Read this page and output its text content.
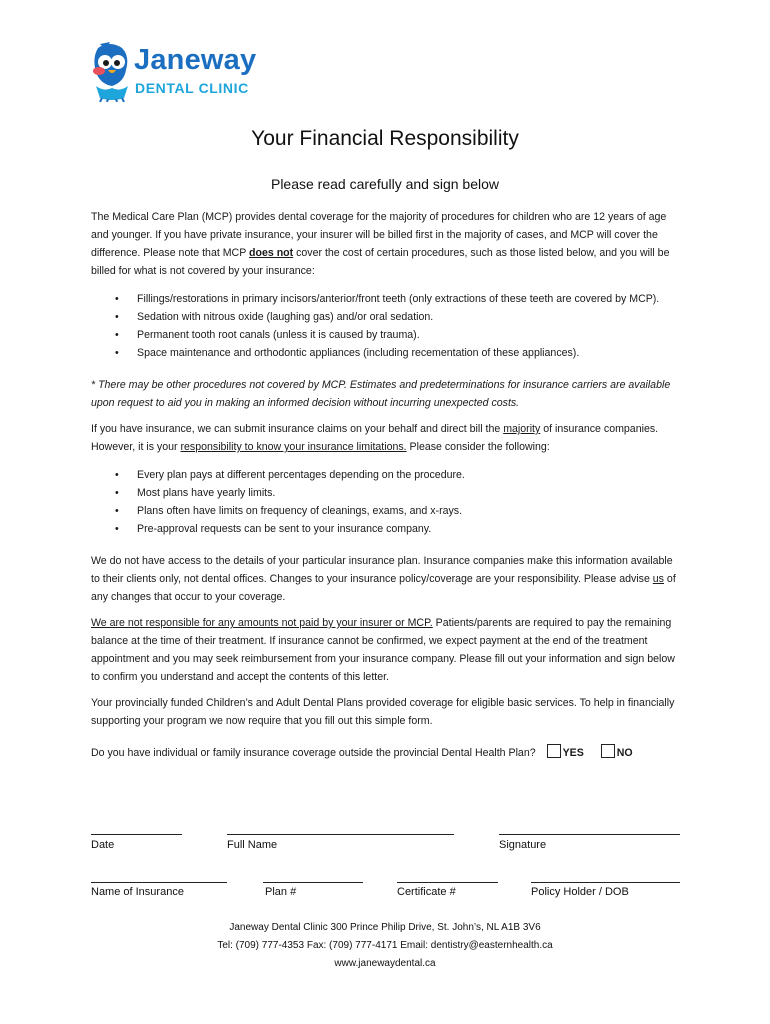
Janeway
DENTAL CLINIC
Your Financial Responsibility
Please read carefully and sign below

The Medical Care Plan (MCP) provides dental coverage for the majority of procedures for children who are 12 years of age and younger. If you have private insurance, your insurer will be billed first in the majority of cases, and MCP will cover the difference. Please note that MCP does not cover the cost of certain procedures, such as those listed below, and you will be billed for what is not covered by your insurance:

• Fillings/restorations in primary incisors/anterior/front teeth (only extractions of these teeth are covered by MCP).
• Sedation with nitrous oxide (laughing gas) and/or oral sedation.
• Permanent tooth root canals (unless it is caused by trauma).
• Space maintenance and orthodontic appliances (including recementation of these appliances).

* There may be other procedures not covered by MCP. Estimates and predeterminations for insurance carriers are available upon request to aid you in making an informed decision without incurring unexpected costs.

If you have insurance, we can submit insurance claims on your behalf and direct bill the majority of insurance companies. However, it is your responsibility to know your insurance limitations. Please consider the following:

• Every plan pays at different percentages depending on the procedure.
• Most plans have yearly limits.
• Plans often have limits on frequency of cleanings, exams, and x-rays.
• Pre-approval requests can be sent to your insurance company.

We do not have access to the details of your particular insurance plan. Insurance companies make this information available to their clients only, not dental offices. Changes to your insurance policy/coverage are your responsibility. Please advise us of any changes that occur to your coverage.

We are not responsible for any amounts not paid by your insurer or MCP. Patients/parents are required to pay the remaining balance at the time of their treatment. If insurance cannot be confirmed, we expect payment at the end of the treatment appointment and you may seek reimbursement from your insurance company. Please fill out your information and sign below to confirm you understand and accept the contents of this letter.

Your provincially funded Children’s and Adult Dental Plans provided coverage for eligible basic services. To help in financially supporting your program we now require that you fill out this simple form.

Do you have individual or family insurance coverage outside the provincial Dental Health Plan?	YES	NO

Date	Full Name	Signature
Name of Insurance	Plan #	Certificate #	Policy Holder / DOB
Janeway Dental Clinic 300 Prince Philip Drive, St. John’s, NL A1B 3V6
Tel: (709) 777-4353 Fax: (709) 777-4171 Email: dentistry@easternhealth.ca
www.janewaydental.ca
